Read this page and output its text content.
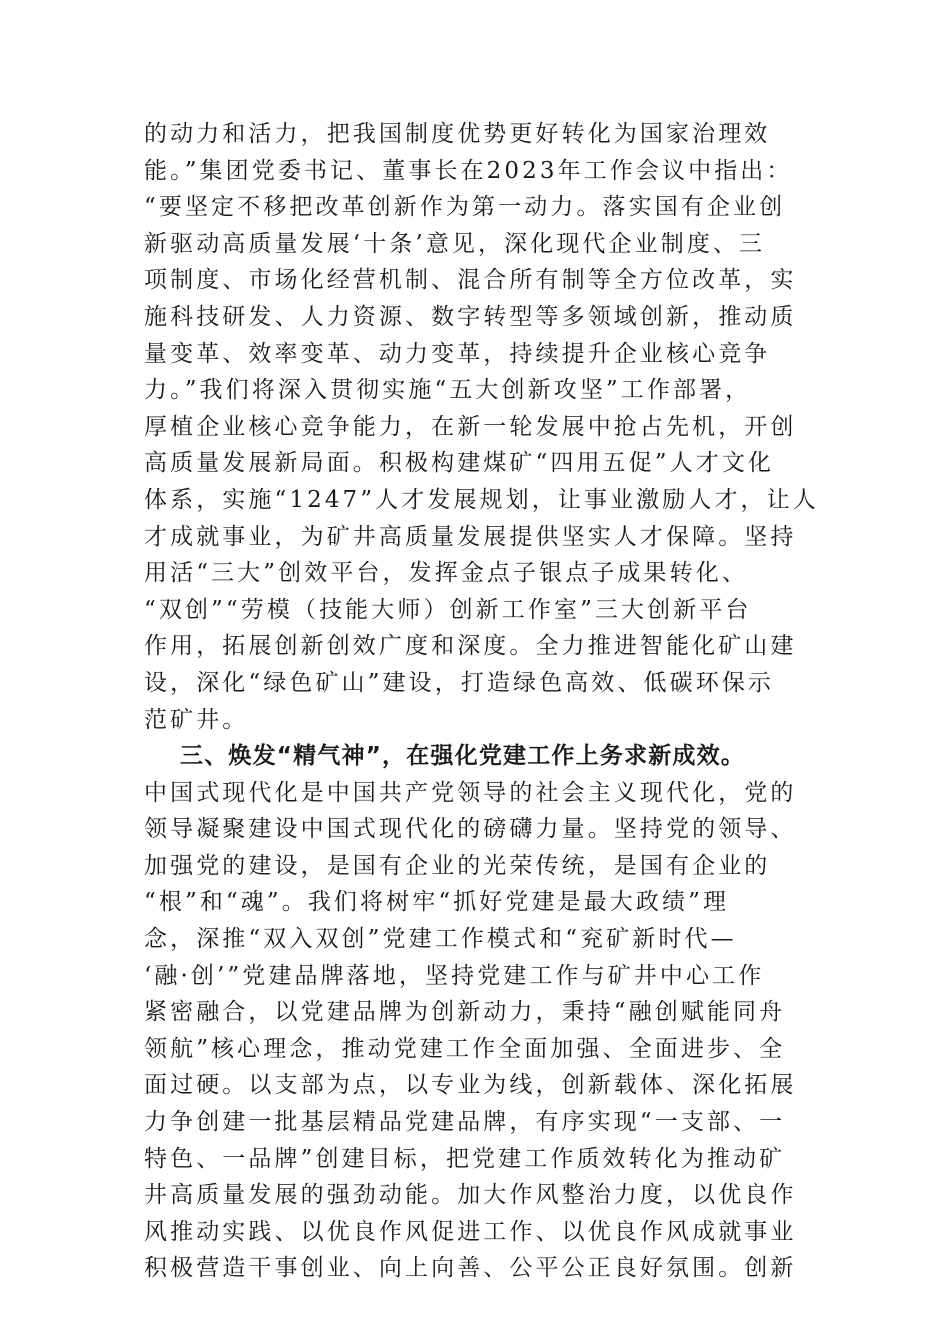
的动力和活力，把我国制度优势更好转化为国家治理效
能。”集团党委书记、董事长在2023年工作会议中指出：
“要坚定不移把改革创新作为第一动力。落实国有企业创
新驱动高质量发展‘十条’意见，深化现代企业制度、三
项制度、市场化经营机制、混合所有制等全方位改革，实
施科技研发、人力资源、数字转型等多领域创新，推动质
量变革、效率变革、动力变革，持续提升企业核心竞争
力。”我们将深入贯彻实施“五大创新攻坚”工作部署，
厚植企业核心竞争能力，在新一轮发展中抢占先机，开创
高质量发展新局面。积极构建煤矿“四用五促”人才文化
体系，实施“1247”人才发展规划，让事业激励人才，让人
才成就事业，为矿井高质量发展提供坚实人才保障。坚持
用活“三大”创效平台，发挥金点子银点子成果转化、
“双创”“劳模（技能大师）创新工作室”三大创新平台
作用，拓展创新创效广度和深度。全力推进智能化矿山建
设，深化“绿色矿山”建设，打造绿色高效、低碳环保示
范矿井。
三、焕发“精气神”，在强化党建工作上务求新成效。
中国式现代化是中国共产党领导的社会主义现代化，党的
领导凝聚建设中国式现代化的磅礴力量。坚持党的领导、
加强党的建设，是国有企业的光荣传统，是国有企业的
“根”和“魂”。我们将树牢“抓好党建是最大政绩”理
念，深推“双入双创”党建工作模式和“兖矿新时代—
‘融·创’”党建品牌落地，坚持党建工作与矿井中心工作
紧密融合，以党建品牌为创新动力，秉持“融创赋能同舟
领航”核心理念，推动党建工作全面加强、全面进步、全
面过硬。以支部为点，以专业为线，创新载体、深化拓展
力争创建一批基层精品党建品牌，有序实现“一支部、一
特色、一品牌”创建目标，把党建工作质效转化为推动矿
井高质量发展的强劲动能。加大作风整治力度，以优良作
风推动实践、以优良作风促进工作、以优良作风成就事业
积极营造干事创业、向上向善、公平公正良好氛围。创新
